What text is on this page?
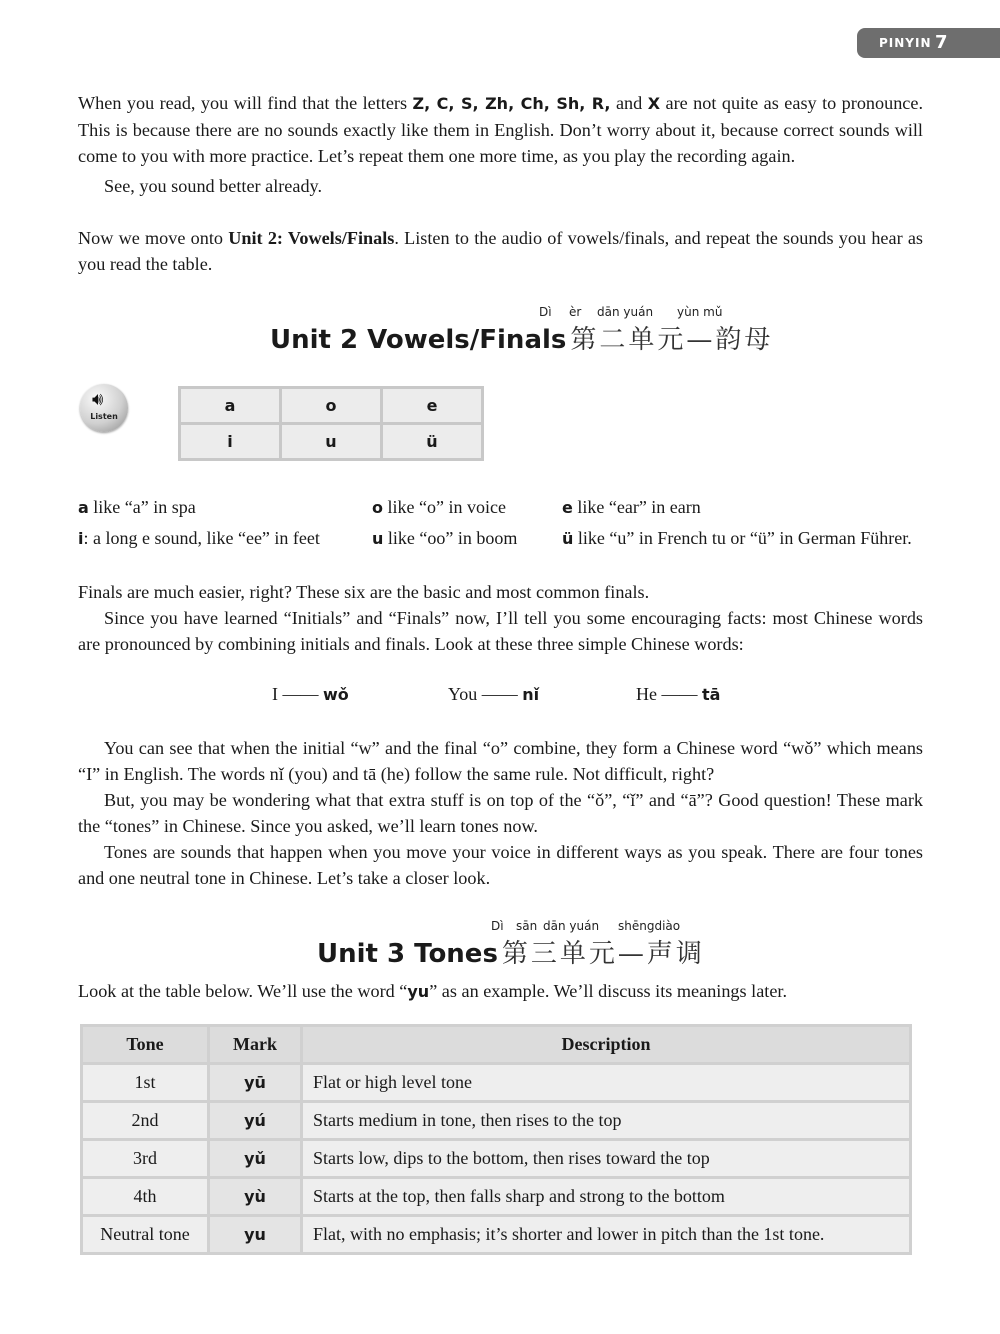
PINYIN 7

When you read, you will find that the letters Z, C, S, Zh, Ch, Sh, R, and X are not quite as easy to pronounce. This is because there are no sounds exactly like them in English. Don’t worry about it, because correct sounds will come to you with more practice. Let’s repeat them one more time, as you play the recording again.

See, you sound better already.

Now we move onto Unit 2: Vowels/Finals. Listen to the audio of vowels/finals, and repeat the sounds you hear as you read the table.

Dì èr dān yuán yùn mǔ
Unit 2 Vowels/Finals 第二单元—韵母
🔊︎
Listen
a	o	e
i	u	ü
a like “a” in spa	o like “o” in voice	e like “ear” in earn
i: a long e sound, like “ee” in feet	u like “oo” in boom	ü like “u” in French tu or “ü” in German Führer.

Finals are much easier, right? These six are the basic and most common finals.

Since you have learned “Initials” and “Finals” now, I’ll tell you some encouraging facts: most Chinese words are pronounced by combining initials and finals. Look at these three simple Chinese words:

I —— wǒ	You —— nǐ	He —— tā

You can see that when the initial “w” and the final “o” combine, they form a Chinese word “wǒ” which means “I” in English. The words nǐ (you) and tā (he) follow the same rule. Not difficult, right?

But, you may be wondering what that extra stuff is on top of the “ǒ”, “ǐ” and “ā”? Good question! These mark the “tones” in Chinese. Since you asked, we’ll learn tones now.

Tones are sounds that happen when you move your voice in different ways as you speak. There are four tones and one neutral tone in Chinese. Let’s take a closer look.

Dì sān dān yuán shēngdiào
Unit 3 Tones 第三单元—声调

Look at the table below. We’ll use the word “yu” as an example. We’ll discuss its meanings later.

Tone	Mark	Description
1st	yū	Flat or high level tone
2nd	yú	Starts medium in tone, then rises to the top
3rd	yǔ	Starts low, dips to the bottom, then rises toward the top
4th	yù	Starts at the top, then falls sharp and strong to the bottom
Neutral tone	yu	Flat, with no emphasis; it’s shorter and lower in pitch than the 1st tone.
